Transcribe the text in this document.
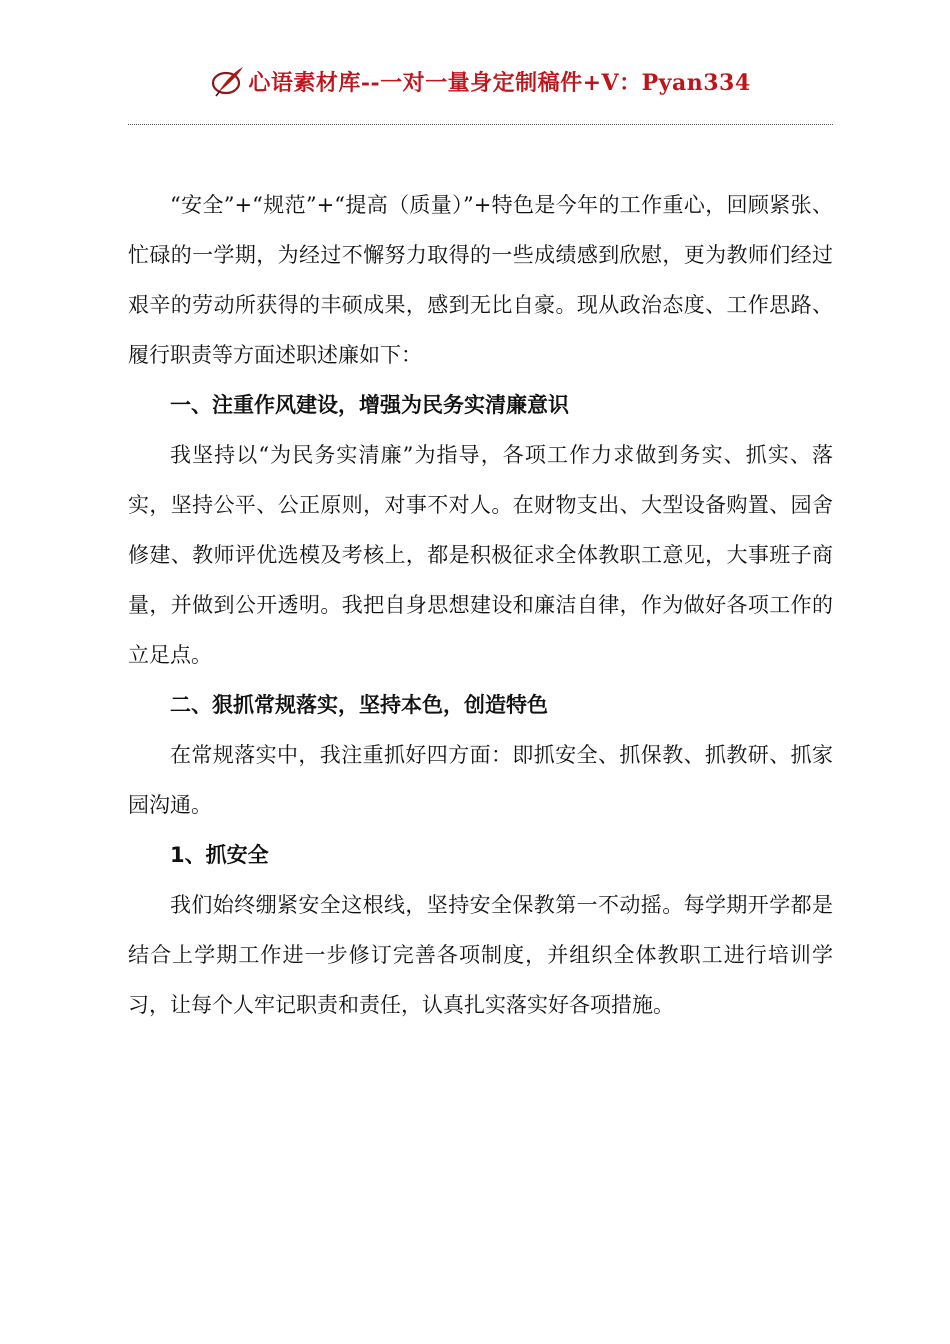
心语素材库--一对一量身定制稿件+V：Pyan334

“安全”+“规范”+“提高（质量）”+特色是今年的工作重心，回顾紧张、忙碌的一学期，为经过不懈努力取得的一些成绩感到欣慰，更为教师们经过艰辛的劳动所获得的丰硕成果，感到无比自豪。现从政治态度、工作思路、履行职责等方面述职述廉如下：

一、注重作风建设，增强为民务实清廉意识

我坚持以“为民务实清廉”为指导，各项工作力求做到务实、抓实、落实，坚持公平、公正原则，对事不对人。在财物支出、大型设备购置、园舍修建、教师评优选模及考核上，都是积极征求全体教职工意见，大事班子商量，并做到公开透明。我把自身思想建设和廉洁自律，作为做好各项工作的立足点。

二、狠抓常规落实，坚持本色，创造特色

在常规落实中，我注重抓好四方面：即抓安全、抓保教、抓教研、抓家园沟通。

1、抓安全

我们始终绷紧安全这根线，坚持安全保教第一不动摇。每学期开学都是结合上学期工作进一步修订完善各项制度，并组织全体教职工进行培训学习，让每个人牢记职责和责任，认真扎实落实好各项措施。
